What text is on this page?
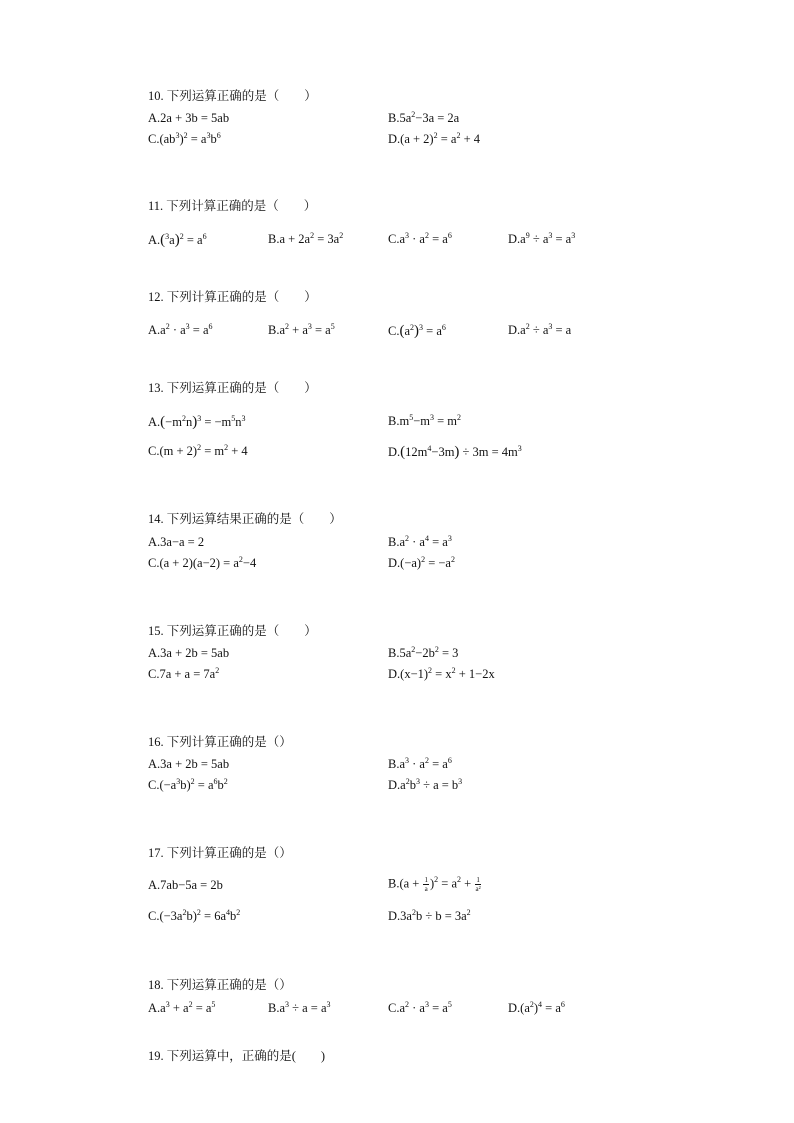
10. 下列运算正确的是（　　）
A.2a + 3b = 5ab	$B.5a^2-3a = 2a$
$C.(ab^3)^2 = a^3b^6$	$D.(a + 2)^2 = a^2 + 4$
11. 下列计算正确的是（　　）
$A.(^3a)^2 = a^6$	$B.a + 2a^2 = 3a^2$	$C.a^3 \cdot a^2 = a^6$	$D.a^9 \div a^3 = a^3$
12. 下列计算正确的是（　　）
$A.a^2 \cdot a^3 = a^6$	$B.a^2 + a^3 = a^5$	$C.(a^2)^3 = a^6$	$D.a^2 \div a^3 = a$
13. 下列运算正确的是（　　）
$A.(-m^2n)^3 = -m^5n^3$	$B.m^5-m^3 = m^2$
$C.(m + 2)^2 = m^2 + 4$	$D.(12m^4-3m) \div 3m = 4m^3$
14. 下列运算结果正确的是（　　）
A.3a−a = 2	$B.a^2 \cdot a^4 = a^3$
$C.(a + 2)(a-2) = a^2-4$	$D.(-a)^2 = -a^2$
15. 下列运算正确的是（　　）
A.3a + 2b = 5ab	$B.5a^2-2b^2 = 3$
$C.7a + a = 7a^2$	$D.(x-1)^2 = x^2 + 1-2x$
16. 下列计算正确的是（）
A.3a + 2b = 5ab	$B.a^3 \cdot a^2 = a^6$
$C.(-a^3b)^2 = a^6b^2$	$D.a^2b^3 \div a = b^3$
17. 下列计算正确的是（）
A.7ab−5a = 2b	$B.(a + \frac{1}{a} )^2 = a^2 + \frac{1}{\text{a²}}$
$C.(-3a^2b)^2 = 6a^4b^2$	$D.3a^2b \div b = 3a^2$
18. 下列运算正确的是（）
$A.a^3 + a^2 = a^5$	$B.a^3 \div a = a^3$	$C.a^2 \cdot a^3 = a^5$	$D.(a^2)^4 = a^6$
19. 下列运算中，正确的是(　　)
